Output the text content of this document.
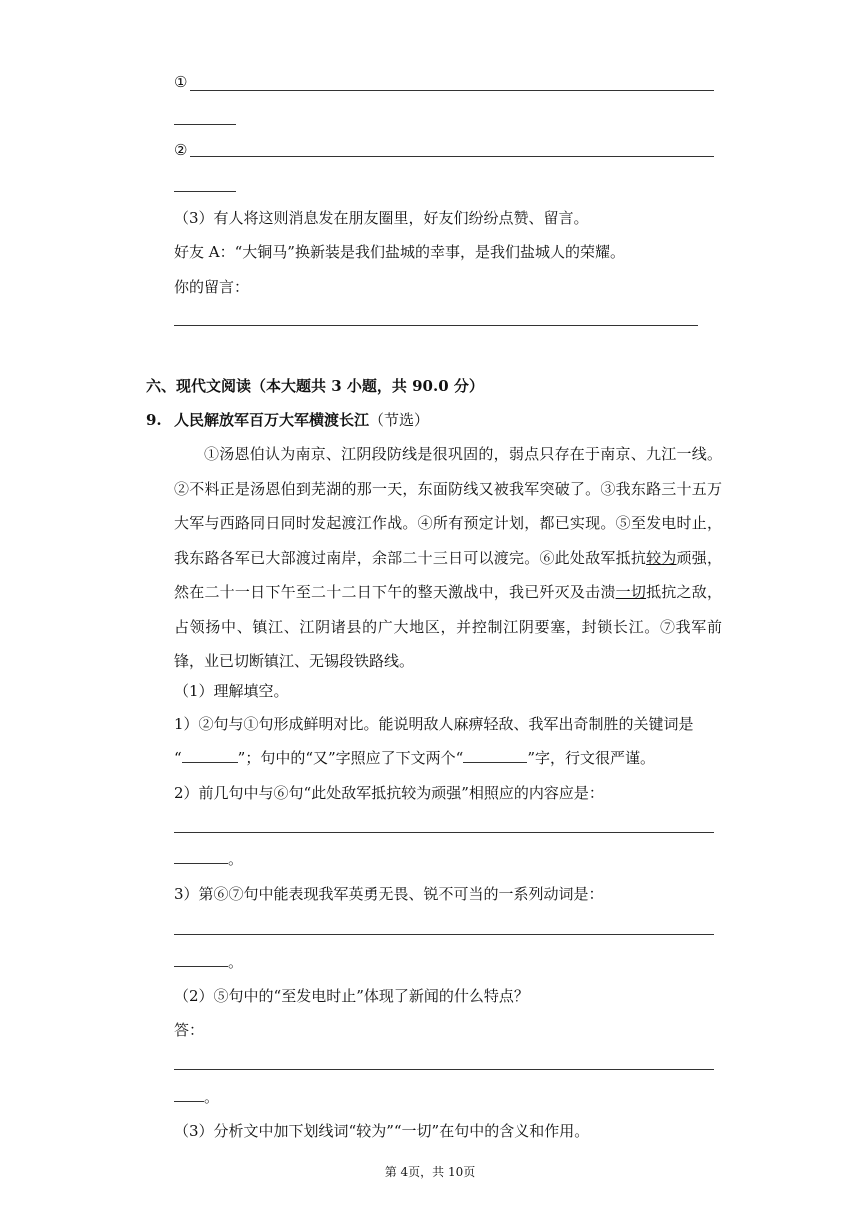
①
②
（3）有人将这则消息发在朋友圈里，好友们纷纷点赞、留言。
好友 A：“大铜马”换新装是我们盐城的幸事，是我们盐城人的荣耀。
你的留言：
六、现代文阅读（本大题共 3 小题，共 90.0 分）
9. 人民解放军百万大军横渡长江（节选）
①汤恩伯认为南京、江阴段防线是很巩固的，弱点只存在于南京、九江一线。②不料正是汤恩伯到芜湖的那一天，东面防线又被我军突破了。③我东路三十五万大军与西路同日同时发起渡江作战。④所有预定计划，都已实现。⑤至发电时止，我东路各军已大部渡过南岸，余部二十三日可以渡完。⑥此处敌军抵抗较为顽强，然在二十一日下午至二十二日下午的整天激战中，我已歼灭及击溃一切抵抗之敌，占领扬中、镇江、江阴诸县的广大地区，并控制江阴要塞，封锁长江。⑦我军前锋，业已切断镇江、无锡段铁路线。
（1）理解填空。
1）②句与①句形成鲜明对比。能说明敌人麻痹轻敌、我军出奇制胜的关键词是
“	”；句中的“又”字照应了下文两个“	”字，行文很严谨。
2）前几句中与⑥句“此处敌军抵抗较为顽强”相照应的内容应是：
。
3）第⑥⑦句中能表现我军英勇无畏、锐不可当的一系列动词是：
。
（2）⑤句中的“至发电时止”体现了新闻的什么特点？
答：
。
（3）分析文中加下划线词“较为”“一切”在句中的含义和作用。
第 4页，共 10页
